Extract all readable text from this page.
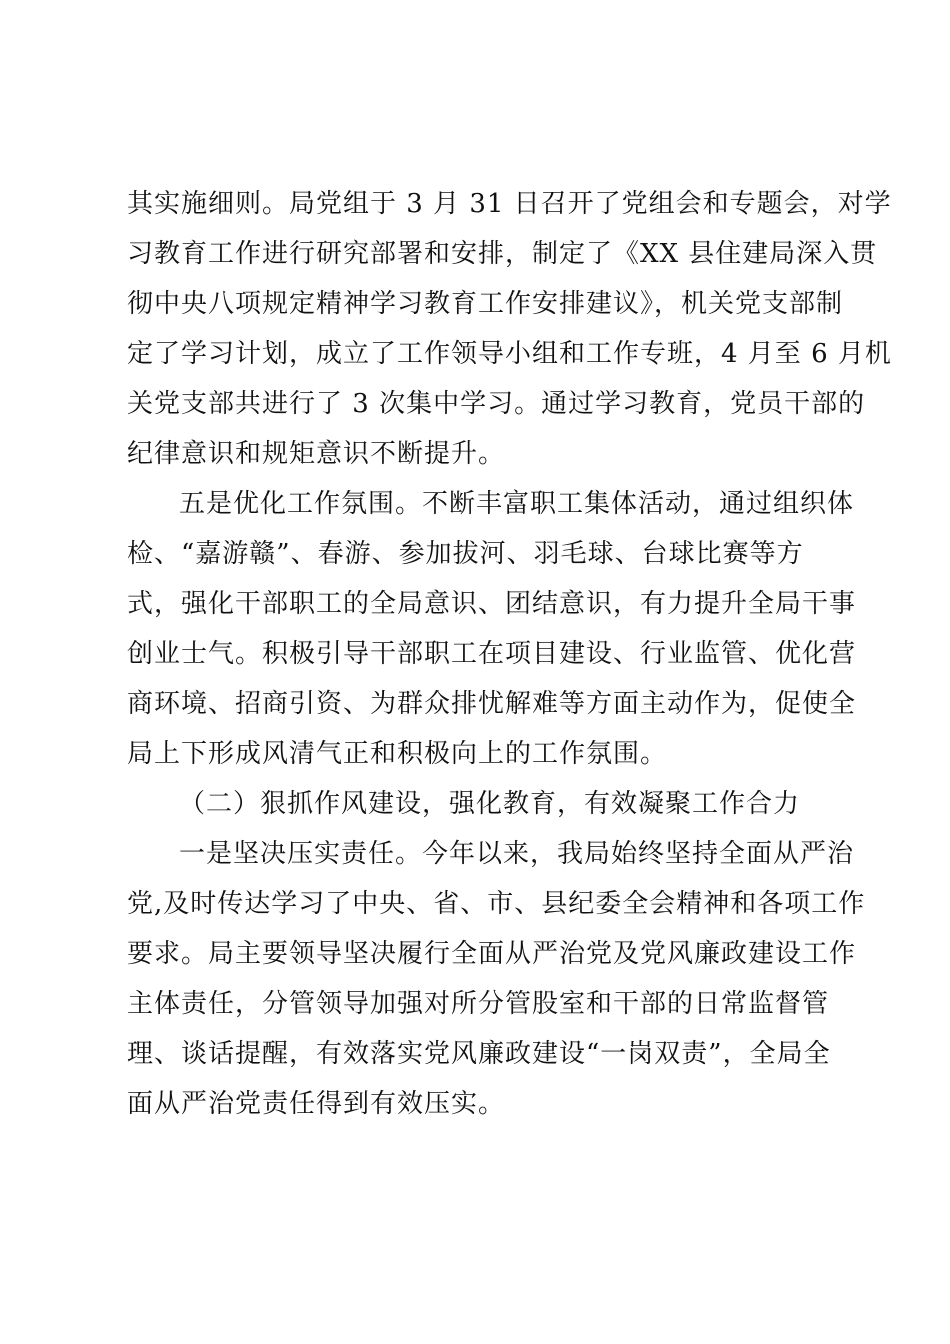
其实施细则。局党组于 3 月 31 日召开了党组会和专题会，对学
习教育工作进行研究部署和安排，制定了《XX 县住建局深入贯
彻中央八项规定精神学习教育工作安排建议》，机关党支部制
定了学习计划，成立了工作领导小组和工作专班，4 月至 6 月机
关党支部共进行了 3 次集中学习。通过学习教育，党员干部的
纪律意识和规矩意识不断提升。
五是优化工作氛围。不断丰富职工集体活动，通过组织体
检、“嘉游赣”、春游、参加拔河、羽毛球、台球比赛等方
式，强化干部职工的全局意识、团结意识，有力提升全局干事
创业士气。积极引导干部职工在项目建设、行业监管、优化营
商环境、招商引资、为群众排忧解难等方面主动作为，促使全
局上下形成风清气正和积极向上的工作氛围。
（二）狠抓作风建设，强化教育，有效凝聚工作合力
一是坚决压实责任。今年以来，我局始终坚持全面从严治
党,及时传达学习了中央、省、市、县纪委全会精神和各项工作
要求。局主要领导坚决履行全面从严治党及党风廉政建设工作
主体责任，分管领导加强对所分管股室和干部的日常监督管
理、谈话提醒，有效落实党风廉政建设“一岗双责”，全局全
面从严治党责任得到有效压实。
